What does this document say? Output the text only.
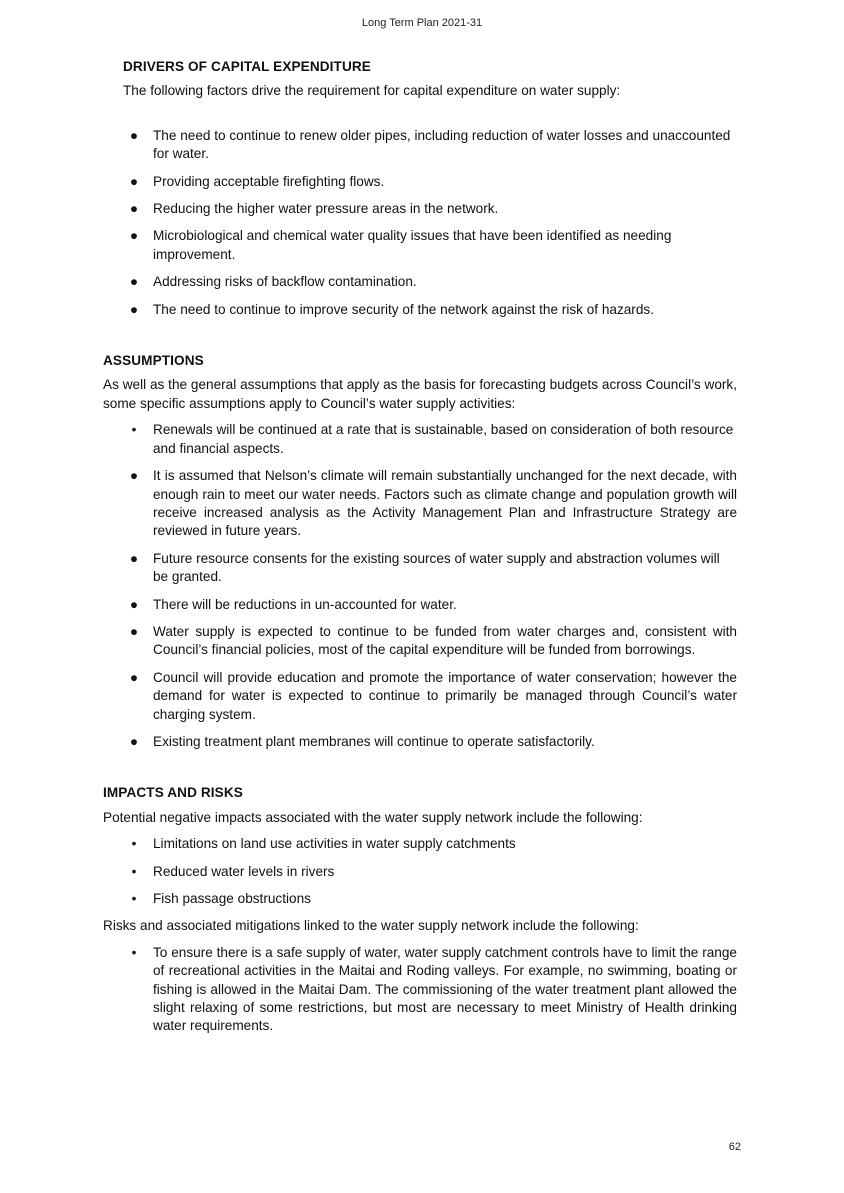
Long Term Plan 2021-31
DRIVERS OF CAPITAL EXPENDITURE

The following factors drive the requirement for capital expenditure on water supply:

● The need to continue to renew older pipes, including reduction of water losses and unaccounted for water.
● Providing acceptable firefighting flows.
● Reducing the higher water pressure areas in the network.
● Microbiological and chemical water quality issues that have been identified as needing improvement.
● Addressing risks of backflow contamination.
● The need to continue to improve security of the network against the risk of hazards.
ASSUMPTIONS

As well as the general assumptions that apply as the basis for forecasting budgets across Council’s work, some specific assumptions apply to Council’s water supply activities:

• Renewals will be continued at a rate that is sustainable, based on consideration of both resource and financial aspects.
● It is assumed that Nelson’s climate will remain substantially unchanged for the next decade, with enough rain to meet our water needs. Factors such as climate change and population growth will receive increased analysis as the Activity Management Plan and Infrastructure Strategy are reviewed in future years.
● Future resource consents for the existing sources of water supply and abstraction volumes will be granted.
● There will be reductions in un-accounted for water.
● Water supply is expected to continue to be funded from water charges and, consistent with Council’s financial policies, most of the capital expenditure will be funded from borrowings.
● Council will provide education and promote the importance of water conservation; however the demand for water is expected to continue to primarily be managed through Council’s water charging system.
● Existing treatment plant membranes will continue to operate satisfactorily.
IMPACTS AND RISKS

Potential negative impacts associated with the water supply network include the following:

• Limitations on land use activities in water supply catchments
• Reduced water levels in rivers
• Fish passage obstructions

Risks and associated mitigations linked to the water supply network include the following:

• To ensure there is a safe supply of water, water supply catchment controls have to limit the range of recreational activities in the Maitai and Roding valleys. For example, no swimming, boating or fishing is allowed in the Maitai Dam. The commissioning of the water treatment plant allowed the slight relaxing of some restrictions, but most are necessary to meet Ministry of Health drinking water requirements.
62
